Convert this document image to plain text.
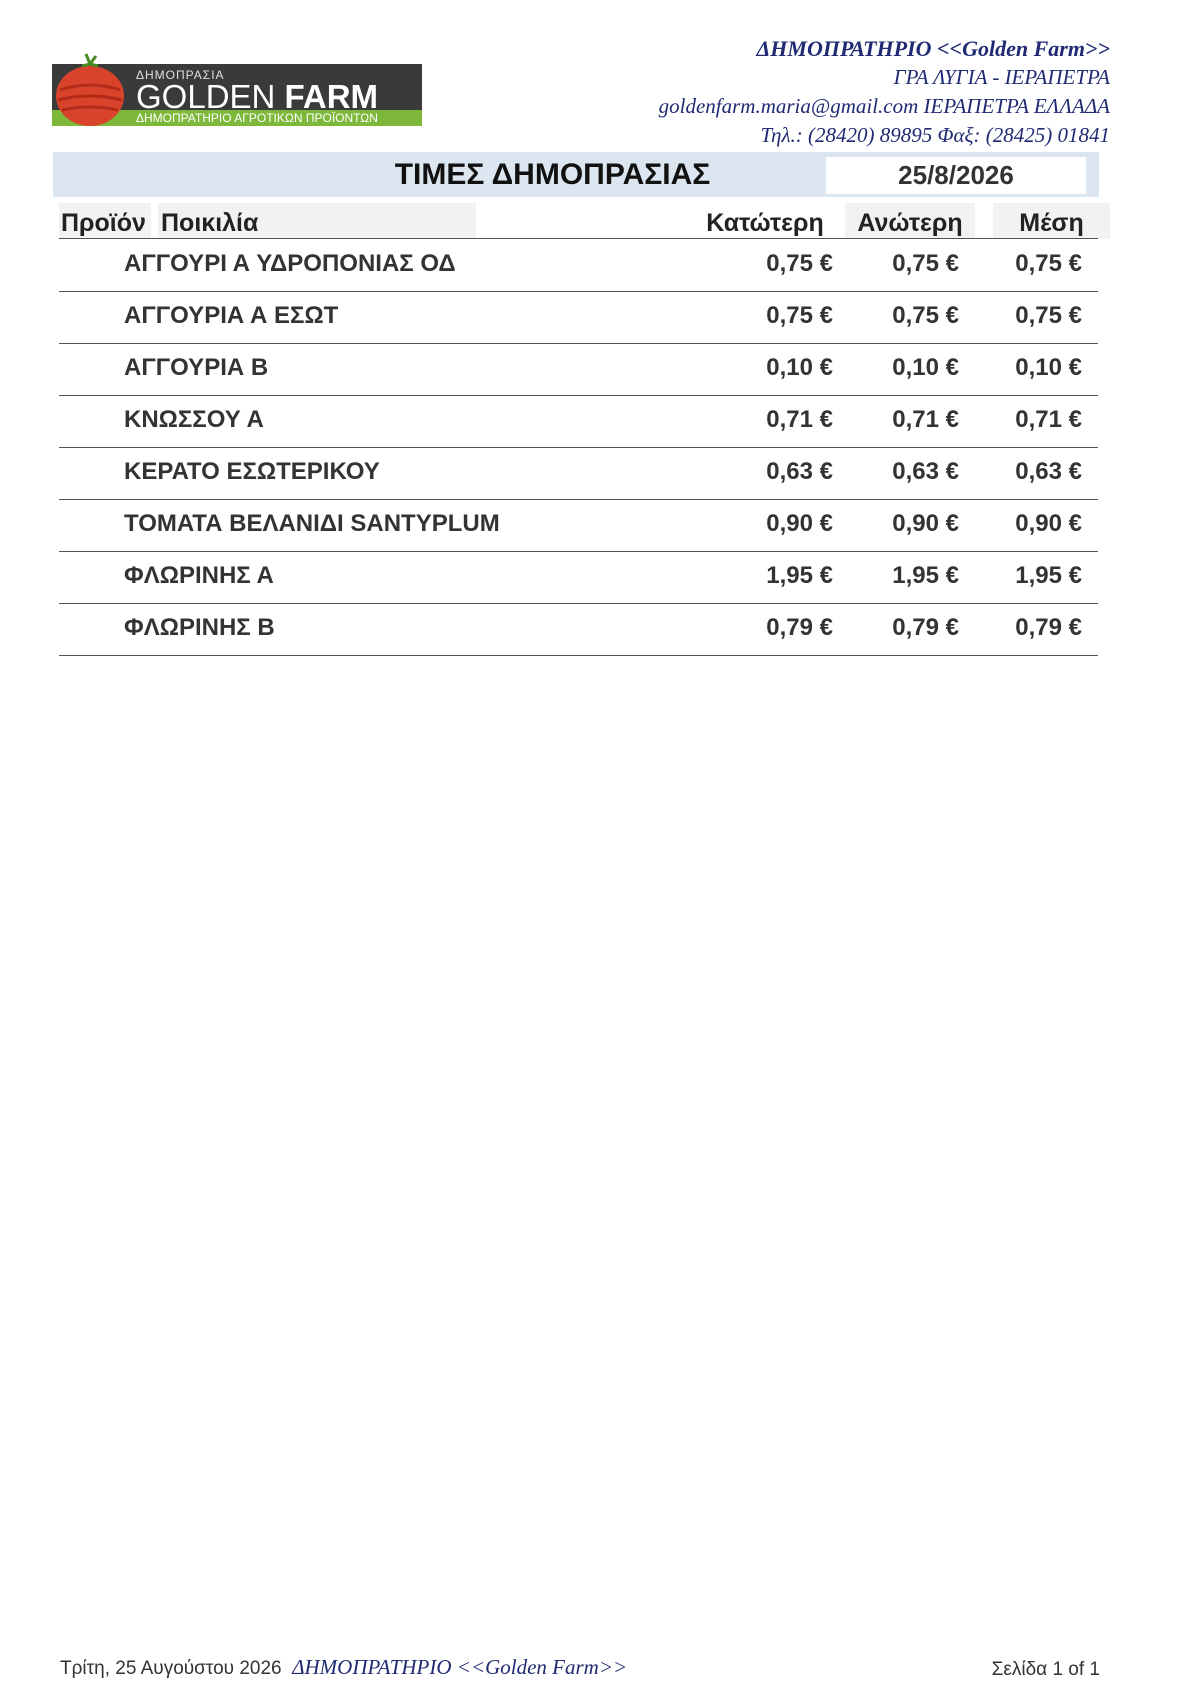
ΔΗΜΟΠΡΑΣΙΑ
GOLDEN FARM
ΔΗΜΟΠΡΑΤΗΡΙΟ ΑΓΡΟΤΙΚΩΝ ΠΡΟΪΟΝΤΩΝ
ΔΗΜΟΠΡΑΤΗΡΙΟ <<Golden Farm>>
ΓΡΑ ΛΥΓΙΑ - ΙΕΡΑΠΕΤΡΑ
goldenfarm.maria@gmail.com ΙΕΡΑΠΕΤΡΑ ΕΛΛΑΔΑ
Τηλ.: (28420) 89895 Φαξ: (28425) 01841
ΤΙΜΕΣ ΔΗΜΟΠΡΑΣΙΑΣ	25/8/2026
Προϊόν Ποικιλία	Κατώτερη	Ανώτερη	Μέση
ΑΓΓΟΥΡΙ Α ΥΔΡΟΠΟΝΙΑΣ ΟΔ	0,75 € 0,75 € 0,75 €
ΑΓΓΟΥΡΙΑ Α ΕΣΩΤ	0,75 € 0,75 € 0,75 €
ΑΓΓΟΥΡΙΑ Β	0,10 € 0,10 € 0,10 €
ΚΝΩΣΣΟΥ Α	0,71 € 0,71 € 0,71 €
ΚΕΡΑΤΟ ΕΣΩΤΕΡΙΚΟΥ	0,63 € 0,63 € 0,63 €
ΤΟΜΑΤΑ ΒΕΛΑΝΙΔΙ SANTYPLUM	0,90 € 0,90 € 0,90 €
ΦΛΩΡΙΝΗΣ Α	1,95 € 1,95 € 1,95 €
ΦΛΩΡΙΝΗΣ Β	0,79 € 0,79 € 0,79 €
Τρίτη, 25 Αυγούστου 2026 ΔΗΜΟΠΡΑΤΗΡΙΟ <<Golden Farm>>	Σελίδα 1 of 1
